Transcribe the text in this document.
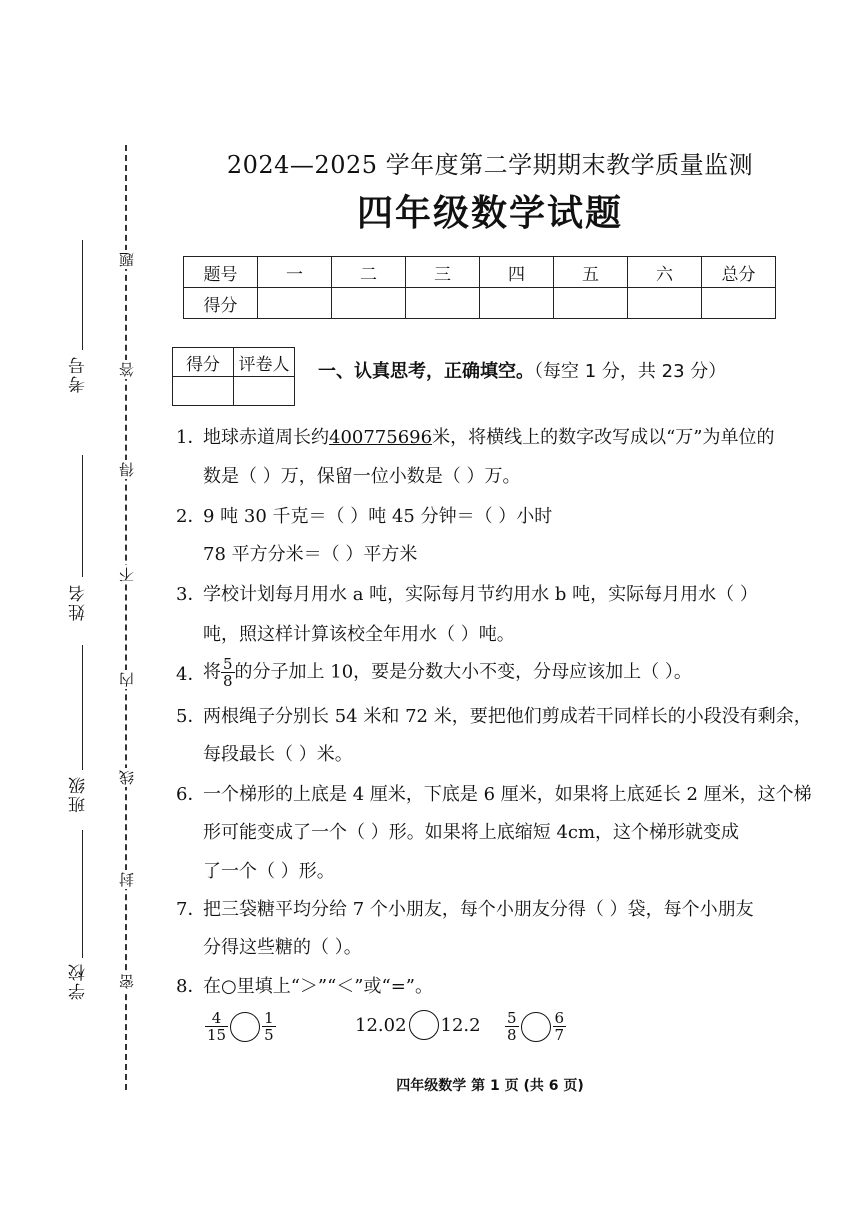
考号
姓名
班级
学校
题
答
得
不
内
线
封
密
2024—2025 学年度第二学期期末教学质量监测
四年级数学试题
题号	一	二	三	四	五	六	总分
得分							
得分	评卷人
	一、认真思考，正确填空。（每空 1 分，共 23 分）
1．
地球赤道周长约400775696米，将横线上的数字改写成以“万”为单位的
数是（ ）万，保留一位小数是（ ）万。
2．
9 吨 30 千克＝（ ）吨 45 分钟＝（ ）小时
78 平方分米＝（ ）平方米
3．
学校计划每月用水 a 吨，实际每月节约用水 b 吨，实际每月用水（ ）
吨，照这样计算该校全年用水（ ）吨。
4．
将 $\frac{5}{8}$ 的分子加上 10，要是分数大小不变，分母应该加上（ ）。
5．
两根绳子分别长 54 米和 72 米，要把他们剪成若干同样长的小段没有剩余，
每段最长（ ）米。
6．
一个梯形的上底是 4 厘米，下底是 6 厘米，如果将上底延长 2 厘米，这个梯
形可能变成了一个（ ）形。如果将上底缩短 4cm，这个梯形就变成
了一个（ ）形。
7．
把三袋糖平均分给 7 个小朋友，每个小朋友分得（ ）袋，每个小朋友
分得这些糖的（ ）。
8．
在○里填上“＞”“＜”或“=”。
$\frac{4}{15} \frac{1}{5}$	12.02 $12.2 \frac{5}{8} \frac{6}{7}$
四年级数学 第 1 页 (共 6 页)
